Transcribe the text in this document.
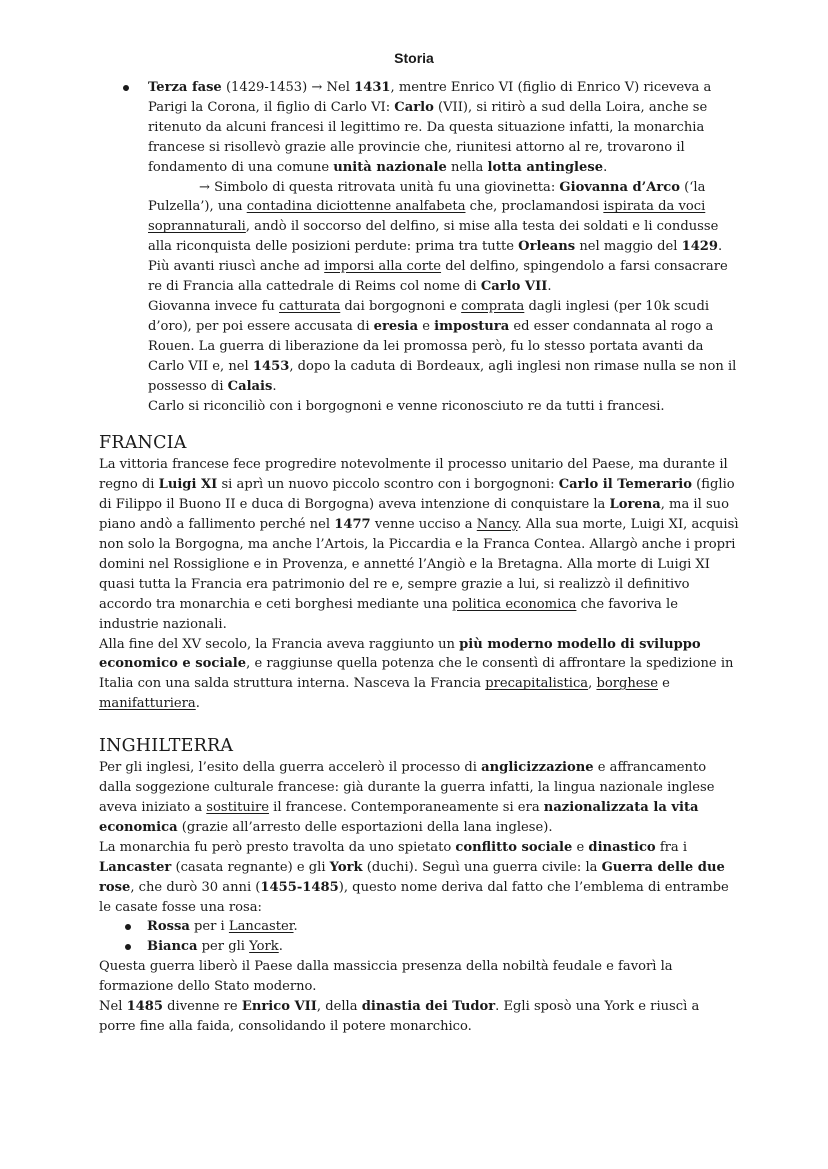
Storia

Terza fase (1429-1453) → Nel 1431, mentre Enrico VI (figlio di Enrico V) riceveva a Parigi la Corona, il figlio di Carlo VI: Carlo (VII), si ritirò a sud della Loira, anche se ritenuto da alcuni francesi il legittimo re. Da questa situazione infatti, la monarchia francese si risollevò grazie alle provincie che, riunitesi attorno al re, trovarono il fondamento di una comune unità nazionale nella lotta antinglese.

→ Simbolo di questa ritrovata unità fu una giovinetta: Giovanna d’Arco (‘la Pulzella’), una contadina diciottenne analfabeta che, proclamandosi ispirata da voci soprannaturali, andò il soccorso del delfino, si mise alla testa dei soldati e li condusse alla riconquista delle posizioni perdute: prima tra tutte Orleans nel maggio del 1429. Più avanti riuscì anche ad imporsi alla corte del delfino, spingendolo a farsi consacrare re di Francia alla cattedrale di Reims col nome di Carlo VII.

Giovanna invece fu catturata dai borgognoni e comprata dagli inglesi (per 10k scudi d’oro), per poi essere accusata di eresia e impostura ed esser condannata al rogo a Rouen. La guerra di liberazione da lei promossa però, fu lo stesso portata avanti da Carlo VII e, nel 1453, dopo la caduta di Bordeaux, agli inglesi non rimase nulla se non il possesso di Calais.

Carlo si riconciliò con i borgognoni e venne riconosciuto re da tutti i francesi.

FRANCIA

La vittoria francese fece progredire notevolmente il processo unitario del Paese, ma durante il regno di Luigi XI si aprì un nuovo piccolo scontro con i borgognoni: Carlo il Temerario (figlio di Filippo il Buono II e duca di Borgogna) aveva intenzione di conquistare la Lorena, ma il suo piano andò a fallimento perché nel 1477 venne ucciso a Nancy. Alla sua morte, Luigi XI, acquisì non solo la Borgogna, ma anche l’Artois, la Piccardia e la Franca Contea. Allargò anche i propri domini nel Rossiglione e in Provenza, e annetté l’Angiò e la Bretagna. Alla morte di Luigi XI quasi tutta la Francia era patrimonio del re e, sempre grazie a lui, si realizzò il definitivo accordo tra monarchia e ceti borghesi mediante una politica economica che favoriva le industrie nazionali.

Alla fine del XV secolo, la Francia aveva raggiunto un più moderno modello di sviluppo economico e sociale, e raggiunse quella potenza che le consentì di affrontare la spedizione in Italia con una salda struttura interna. Nasceva la Francia precapitalistica, borghese e manifatturiera.

INGHILTERRA

Per gli inglesi, l’esito della guerra accelerò il processo di anglicizzazione e affrancamento dalla soggezione culturale francese: già durante la guerra infatti, la lingua nazionale inglese aveva iniziato a sostituire il francese. Contemporaneamente si era nazionalizzata la vita economica (grazie all’arresto delle esportazioni della lana inglese).

La monarchia fu però presto travolta da uno spietato conflitto sociale e dinastico fra i Lancaster (casata regnante) e gli York (duchi). Seguì una guerra civile: la Guerra delle due rose, che durò 30 anni (1455-1485), questo nome deriva dal fatto che l’emblema di entrambe le casate fosse una rosa:

Rossa per i Lancaster.

Bianca per gli York.

Questa guerra liberò il Paese dalla massiccia presenza della nobiltà feudale e favorì la formazione dello Stato moderno.

Nel 1485 divenne re Enrico VII, della dinastia dei Tudor. Egli sposò una York e riuscì a porre fine alla faida, consolidando il potere monarchico.
